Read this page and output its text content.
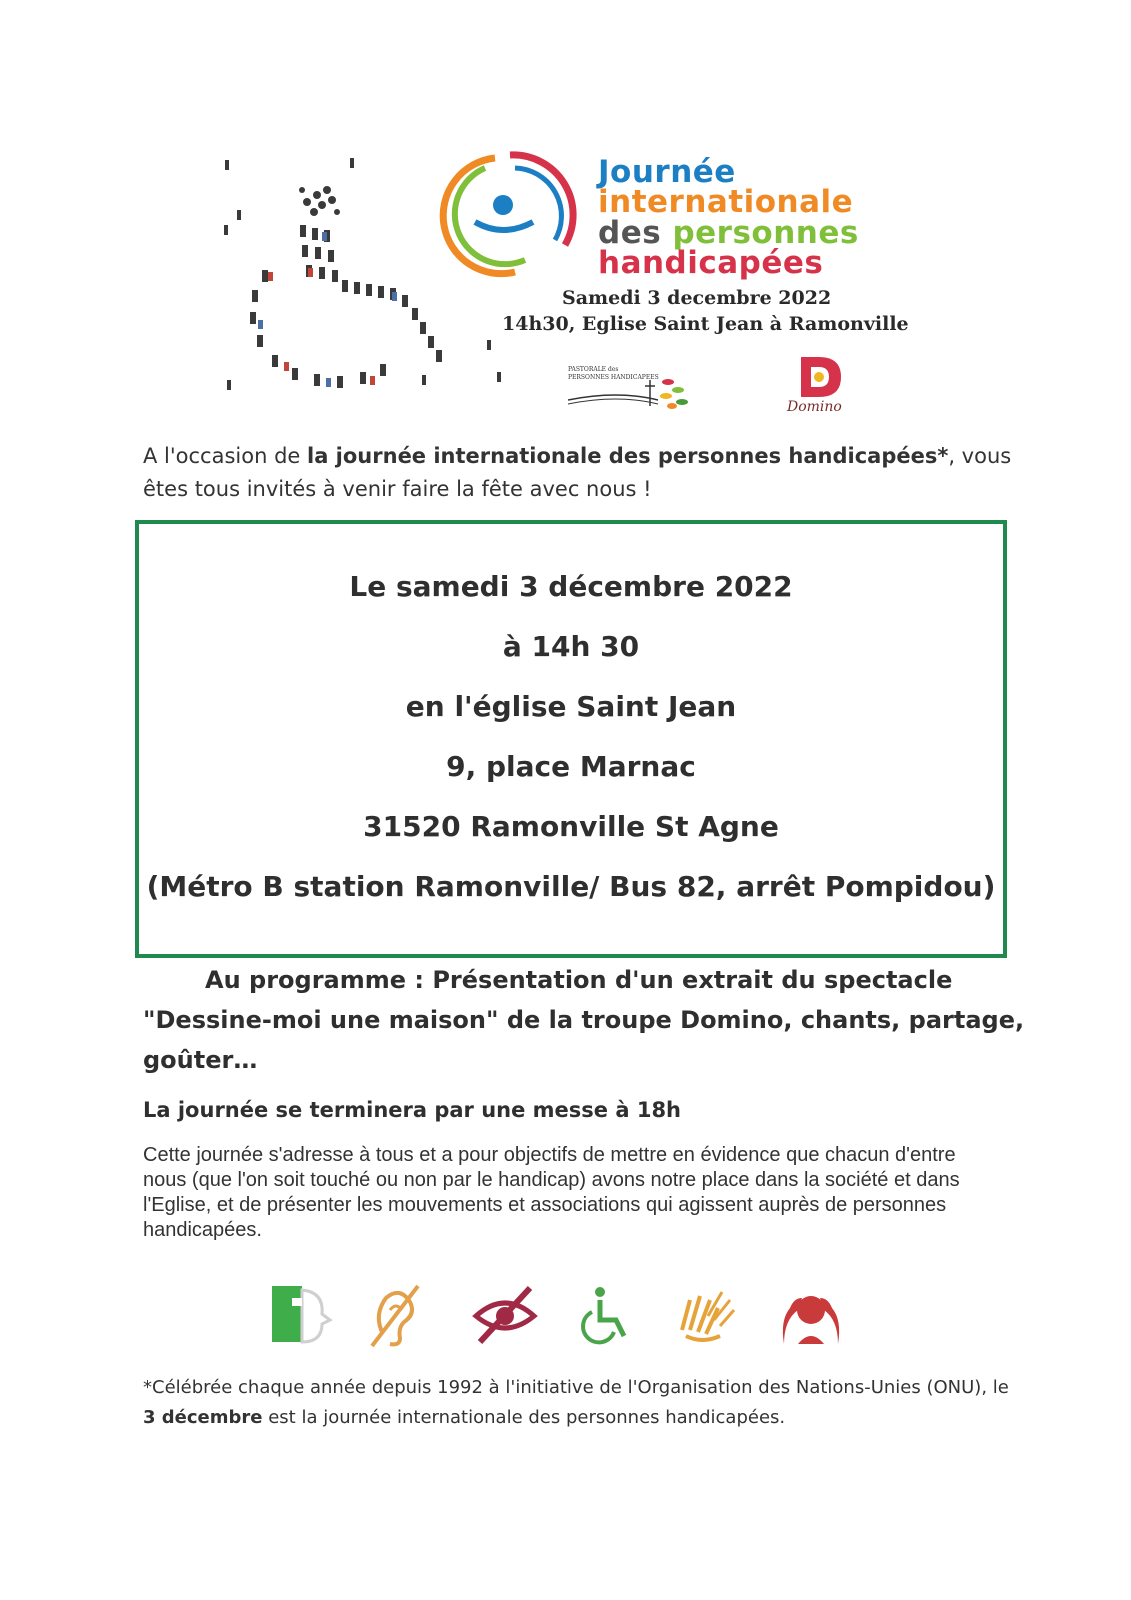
Journée
internationale
des personnes
handicapées
Samedi 3 decembre 2022
14h30, Eglise Saint Jean à Ramonville
PASTORALE des
PERSONNES HANDICAPEES
Domino
A l'occasion de la journée internationale des personnes handicapées*, vous êtes tous invités à venir faire la fête avec nous !
Le samedi 3 décembre 2022
à 14h 30
en l'église Saint Jean
9, place Marnac
31520 Ramonville St Agne
(Métro B station Ramonville/ Bus 82, arrêt Pompidou)
Au programme : Présentation d'un extrait du spectacle
"Dessine-moi une maison" de la troupe Domino, chants, partage,
goûter…
La journée se terminera par une messe à 18h
Cette journée s'adresse à tous et a pour objectifs de mettre en évidence que chacun d'entre
nous (que l'on soit touché ou non par le handicap) avons notre place dans la société et dans
l'Eglise, et de présenter les mouvements et associations qui agissent auprès de personnes
handicapées.
*Célébrée chaque année depuis 1992 à l'initiative de l'Organisation des Nations-Unies (ONU), le
3 décembre est la journée internationale des personnes handicapées.
